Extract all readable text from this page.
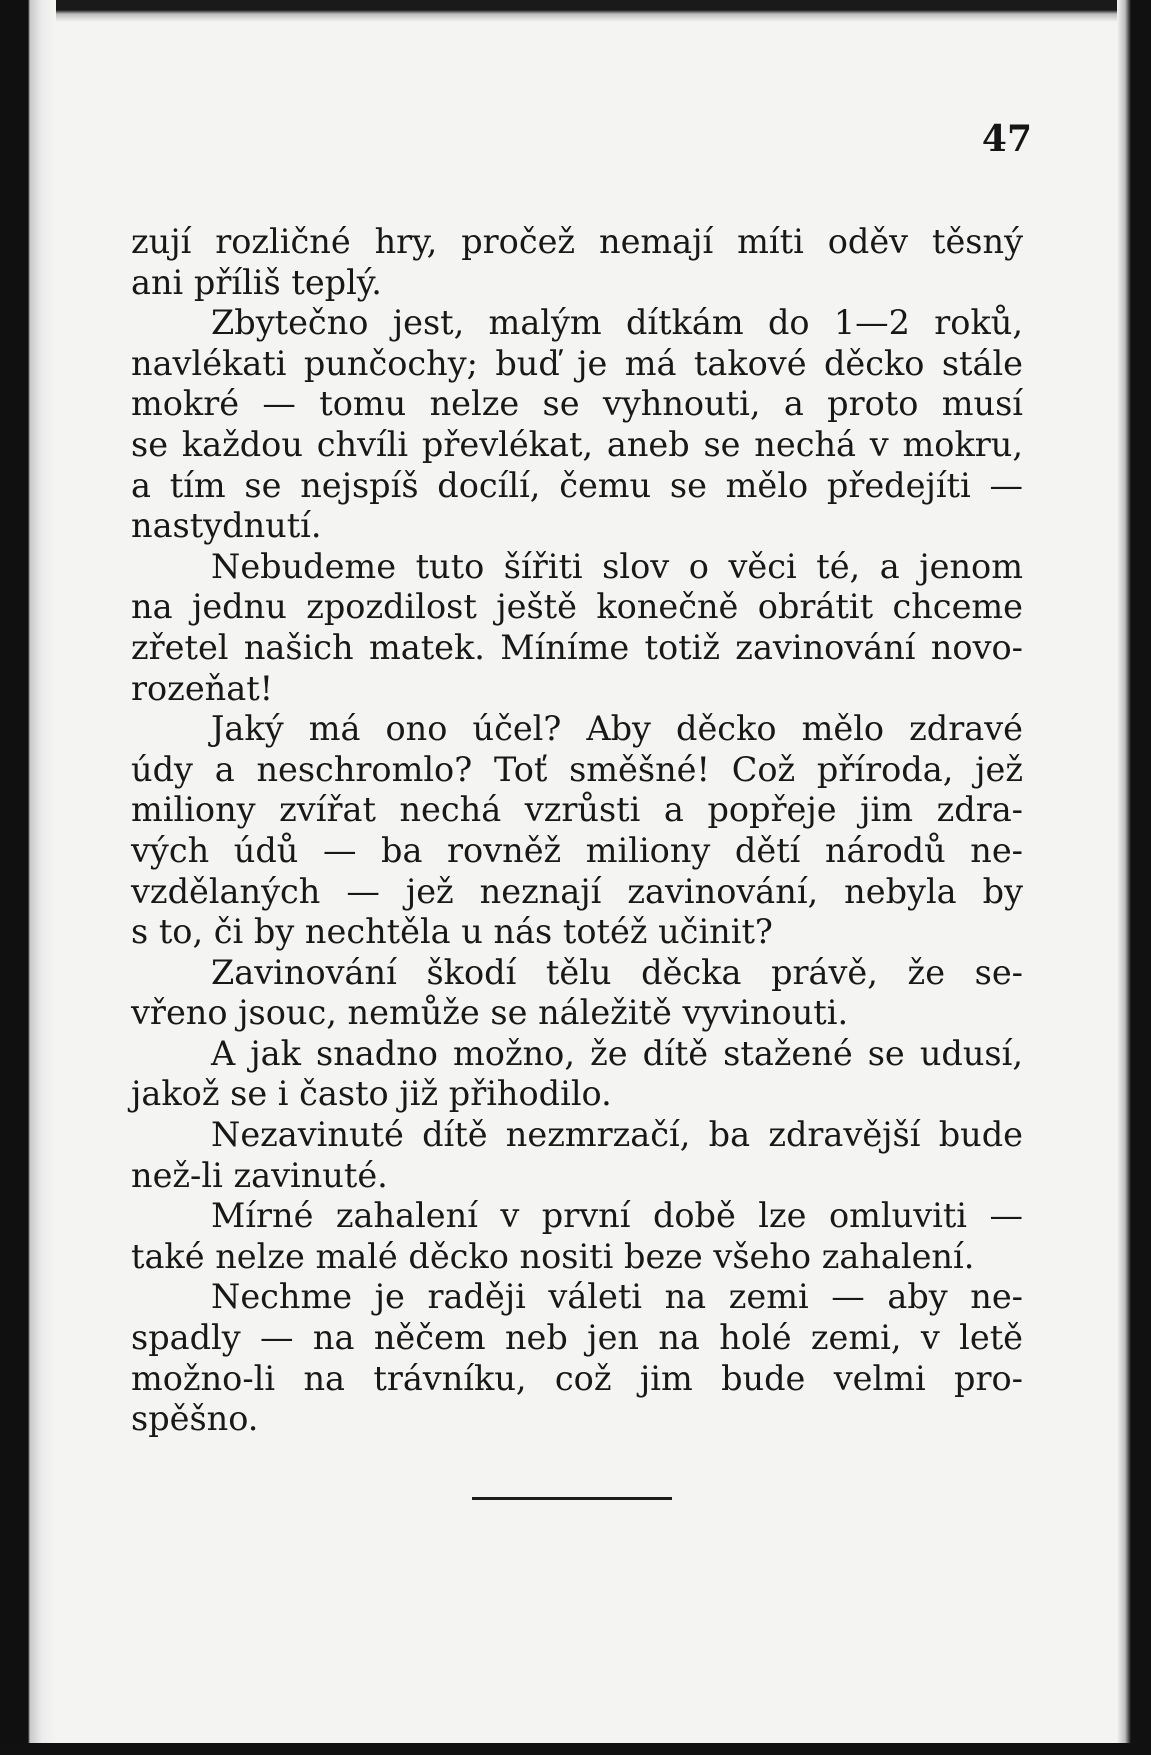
47
zují rozličné hry, pročež nemají míti oděv těsný
ani příliš teplý.
Zbytečno jest, malým dítkám do 1—2 roků,
navlékati punčochy; buď je má takové děcko stále
mokré — tomu nelze se vyhnouti, a proto musí
se každou chvíli převlékat, aneb se nechá v mokru,
a tím se nejspíš docílí, čemu se mělo předejíti —
nastydnutí.
Nebudeme tuto šířiti slov o věci té, a jenom
na jednu zpozdilost ještě konečně obrátit chceme
zřetel našich matek. Míníme totiž zavinování novo-
rozeňat!
Jaký má ono účel? Aby děcko mělo zdravé
údy a neschromlo? Toť směšné! Což příroda, jež
miliony zvířat nechá vzrůsti a popřeje jim zdra-
vých údů — ba rovněž miliony dětí národů ne-
vzdělaných — jež neznají zavinování, nebyla by
s to, či by nechtěla u nás totéž učinit?
Zavinování škodí tělu děcka právě, že se-
vřeno jsouc, nemůže se náležitě vyvinouti.
A jak snadno možno, že dítě stažené se udusí,
jakož se i často již přihodilo.
Nezavinuté dítě nezmrzačí, ba zdravější bude
než-li zavinuté.
Mírné zahalení v první době lze omluviti —
také nelze malé děcko nositi beze všeho zahalení.
Nechme je raději váleti na zemi — aby ne-
spadly — na něčem neb jen na holé zemi, v letě
možno-li na trávníku, což jim bude velmi pro-
spěšno.
